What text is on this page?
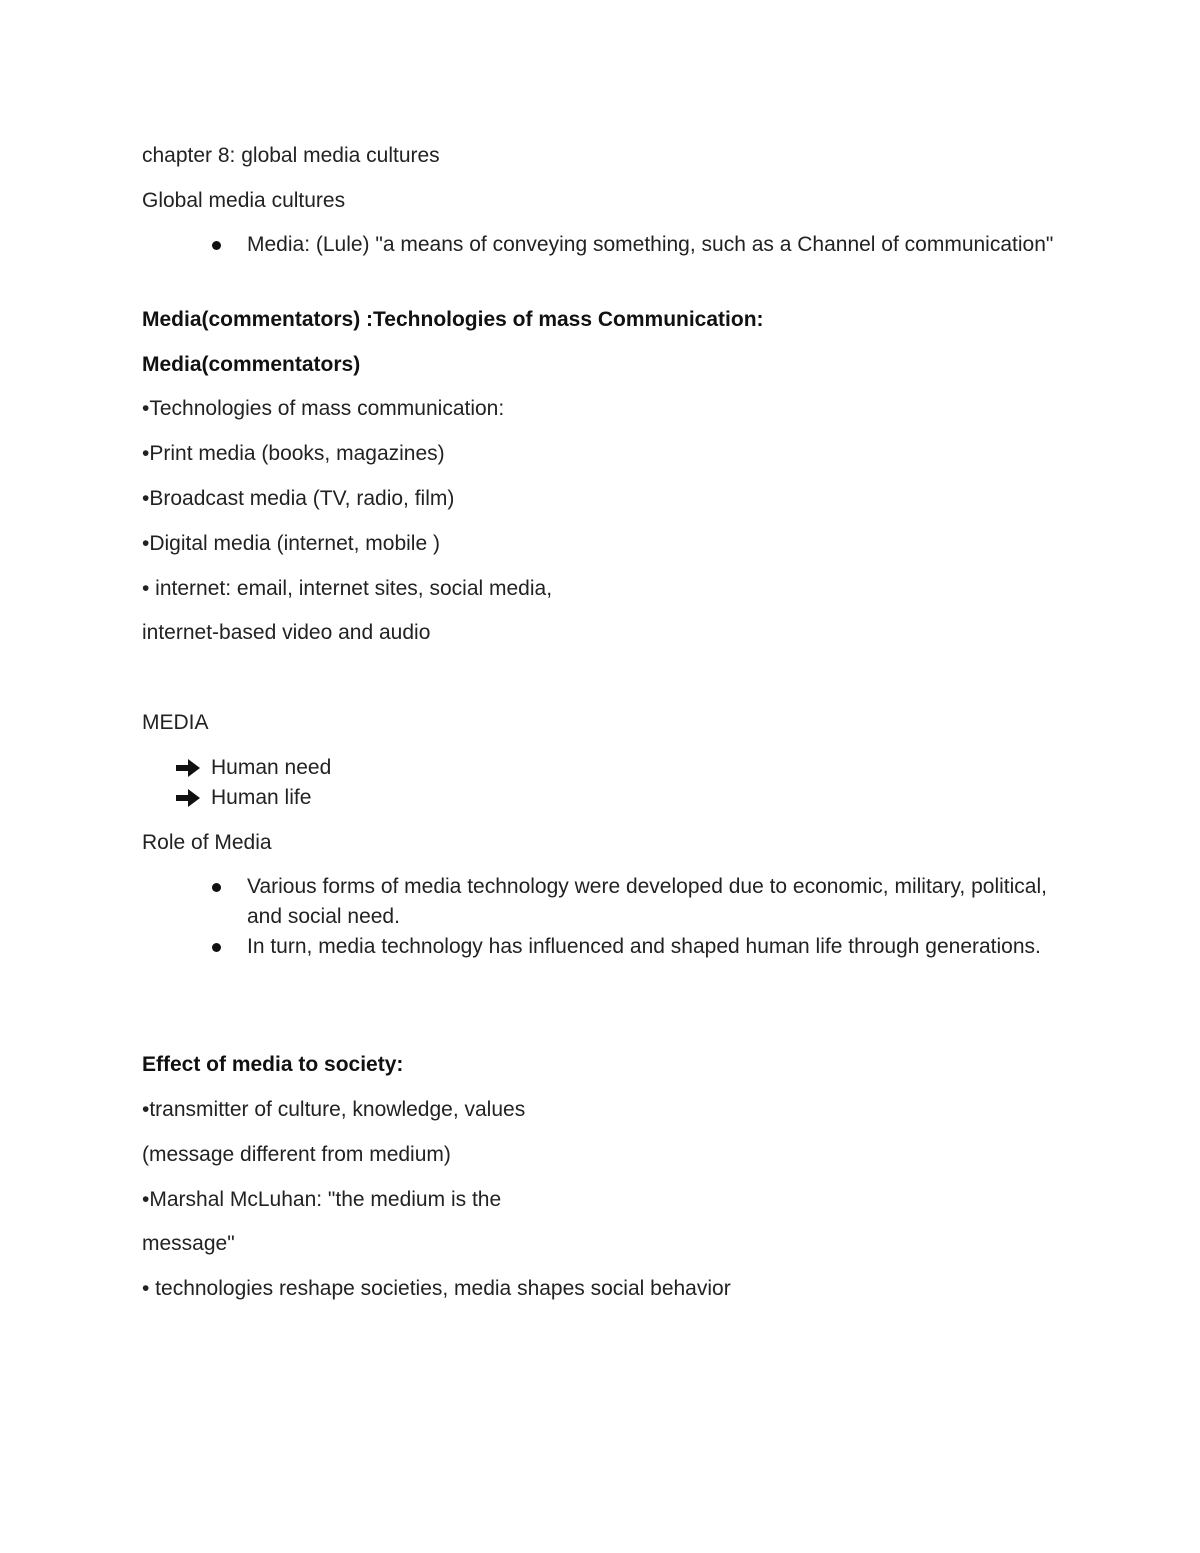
chapter 8: global media cultures
Global media cultures
Media: (Lule) "a means of conveying something, such as a Channel of communication"
Media(commentators) :Technologies of mass Communication:
Media(commentators)
•Technologies of mass communication:
•Print media (books, magazines)
•Broadcast media (TV, radio, film)
•Digital media (internet, mobile )
• internet: email, internet sites, social media,
internet-based video and audio
MEDIA
Human need
Human life
Role of Media
Various forms of media technology were developed due to economic, military, political, and social need.
In turn, media technology has influenced and shaped human life through generations.
Effect of media to society:
•transmitter of culture, knowledge, values
(message different from medium)
•Marshal McLuhan: "the medium is the
message"
• technologies reshape societies, media shapes social behavior
